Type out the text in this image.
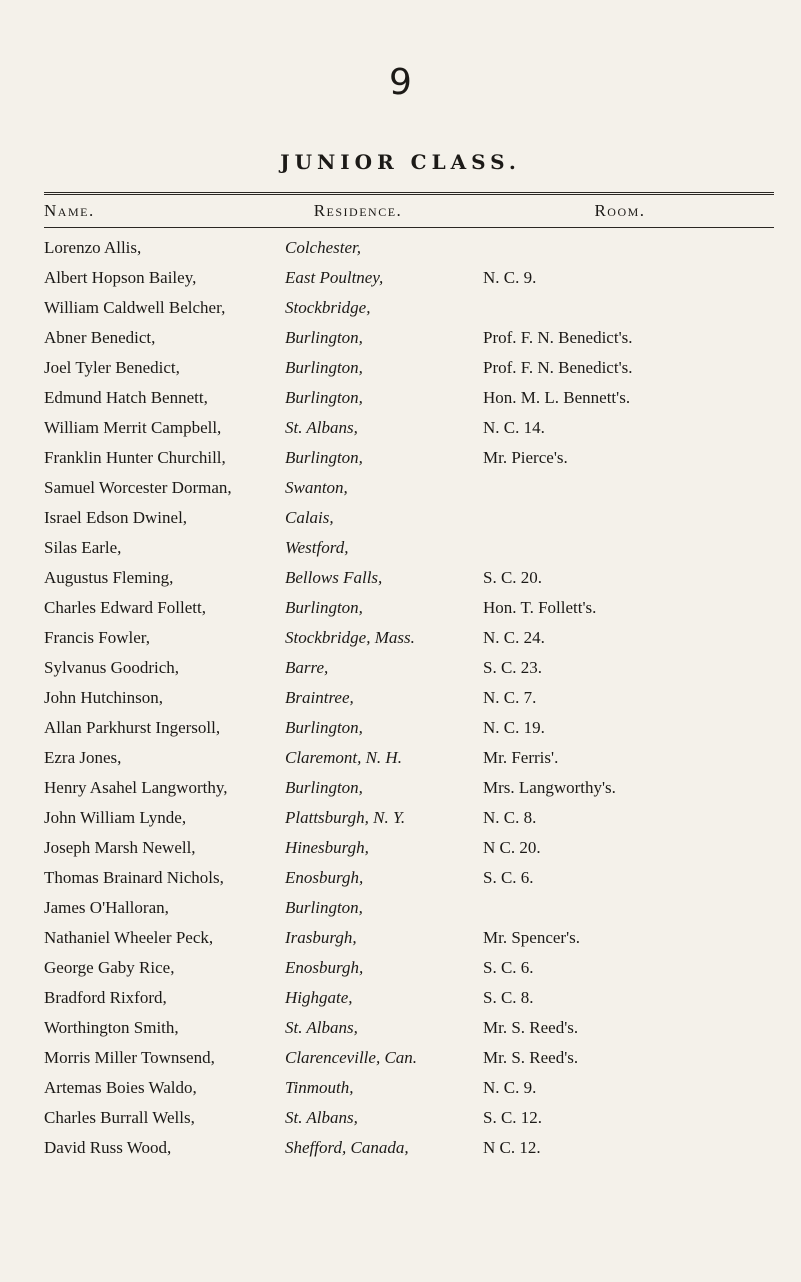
9
JUNIOR CLASS.
Name.	Residence.	Room.
Lorenzo Allis,	Colchester,
Albert Hopson Bailey,	East Poultney,	N. C. 9.
William Caldwell Belcher,	Stockbridge,
Abner Benedict,	Burlington,	Prof. F. N. Benedict's.
Joel Tyler Benedict,	Burlington,	Prof. F. N. Benedict's.
Edmund Hatch Bennett,	Burlington,	Hon. M. L. Bennett's.
William Merrit Campbell,	St. Albans,	N. C. 14.
Franklin Hunter Churchill,	Burlington,	Mr. Pierce's.
Samuel Worcester Dorman,	Swanton,
Israel Edson Dwinel,	Calais,
Silas Earle,	Westford,
Augustus Fleming,	Bellows Falls,	S. C. 20.
Charles Edward Follett,	Burlington,	Hon. T. Follett's.
Francis Fowler,	Stockbridge, Mass.	N. C. 24.
Sylvanus Goodrich,	Barre,	S. C. 23.
John Hutchinson,	Braintree,	N. C. 7.
Allan Parkhurst Ingersoll,	Burlington,	N. C. 19.
Ezra Jones,	Claremont, N. H.	Mr. Ferris'.
Henry Asahel Langworthy,	Burlington,	Mrs. Langworthy's.
John William Lynde,	Plattsburgh, N. Y.	N. C. 8.
Joseph Marsh Newell,	Hinesburgh,	N C. 20.
Thomas Brainard Nichols,	Enosburgh,	S. C. 6.
James O'Halloran,	Burlington,
Nathaniel Wheeler Peck,	Irasburgh,	Mr. Spencer's.
George Gaby Rice,	Enosburgh,	S. C. 6.
Bradford Rixford,	Highgate,	S. C. 8.
Worthington Smith,	St. Albans,	Mr. S. Reed's.
Morris Miller Townsend,	Clarenceville, Can.	Mr. S. Reed's.
Artemas Boies Waldo,	Tinmouth,	N. C. 9.
Charles Burrall Wells,	St. Albans,	S. C. 12.
David Russ Wood,	Shefford, Canada,	N C. 12.
